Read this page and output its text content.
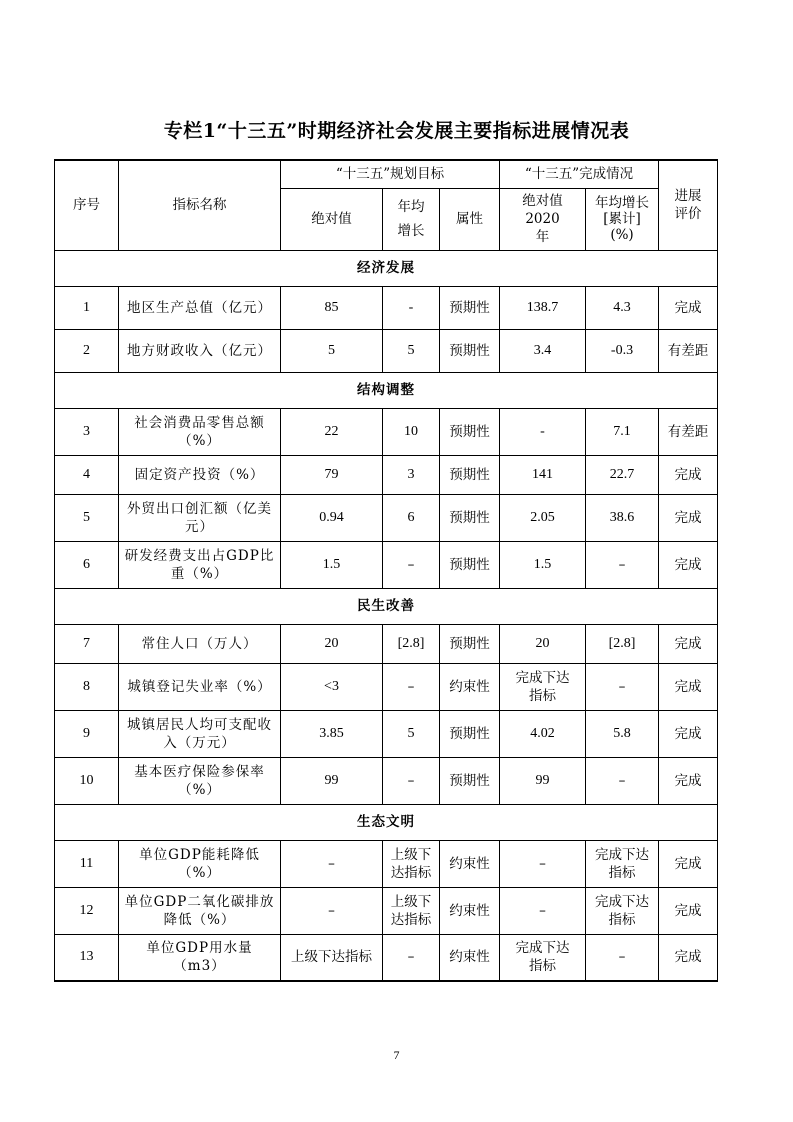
专栏1“十三五”时期经济社会发展主要指标进展情况表
序号	指标名称	“十三五”规划目标			“十三五”完成情况		进展评价

		绝对值	年均增长	属性	绝对值2020年	年均增长[累计](%)	

经济发展							

1	地区生产总值（亿元）	85	-	预期性	138.7	4.3	完成

2	地方财政收入（亿元）	5	5	预期性	3.4	-0.3	有差距

结构调整							

3	社会消费品零售总额（%）	22	10	预期性	-	7.1	有差距

4	固定资产投资（%）	79	3	预期性	141	22.7	完成

5	外贸出口创汇额（亿美元）	0.94	6	预期性	2.05	38.6	完成

6	研发经费支出占GDP比重（%）	1.5	–	预期性	1.5	–	完成

民生改善							

7	常住人口（万人）	20	[2.8]	预期性	20	[2.8]	完成

8	城镇登记失业率（%）	<3	–	约束性	完成下达指标	–	完成

9	城镇居民人均可支配收入（万元）	3.85	5	预期性	4.02	5.8	完成

10	基本医疗保险参保率（%）	99	–	预期性	99	–	完成

生态文明							

11	单位GDP能耗降低（%）	–	上级下达指标	约束性	–	完成下达指标	完成

12	单位GDP二氧化碳排放降低（%）	–	上级下达指标	约束性	–	完成下达指标	完成

13	单位GDP用水量（m3）	上级下达指标	–	约束性	完成下达指标	–	完成
7
